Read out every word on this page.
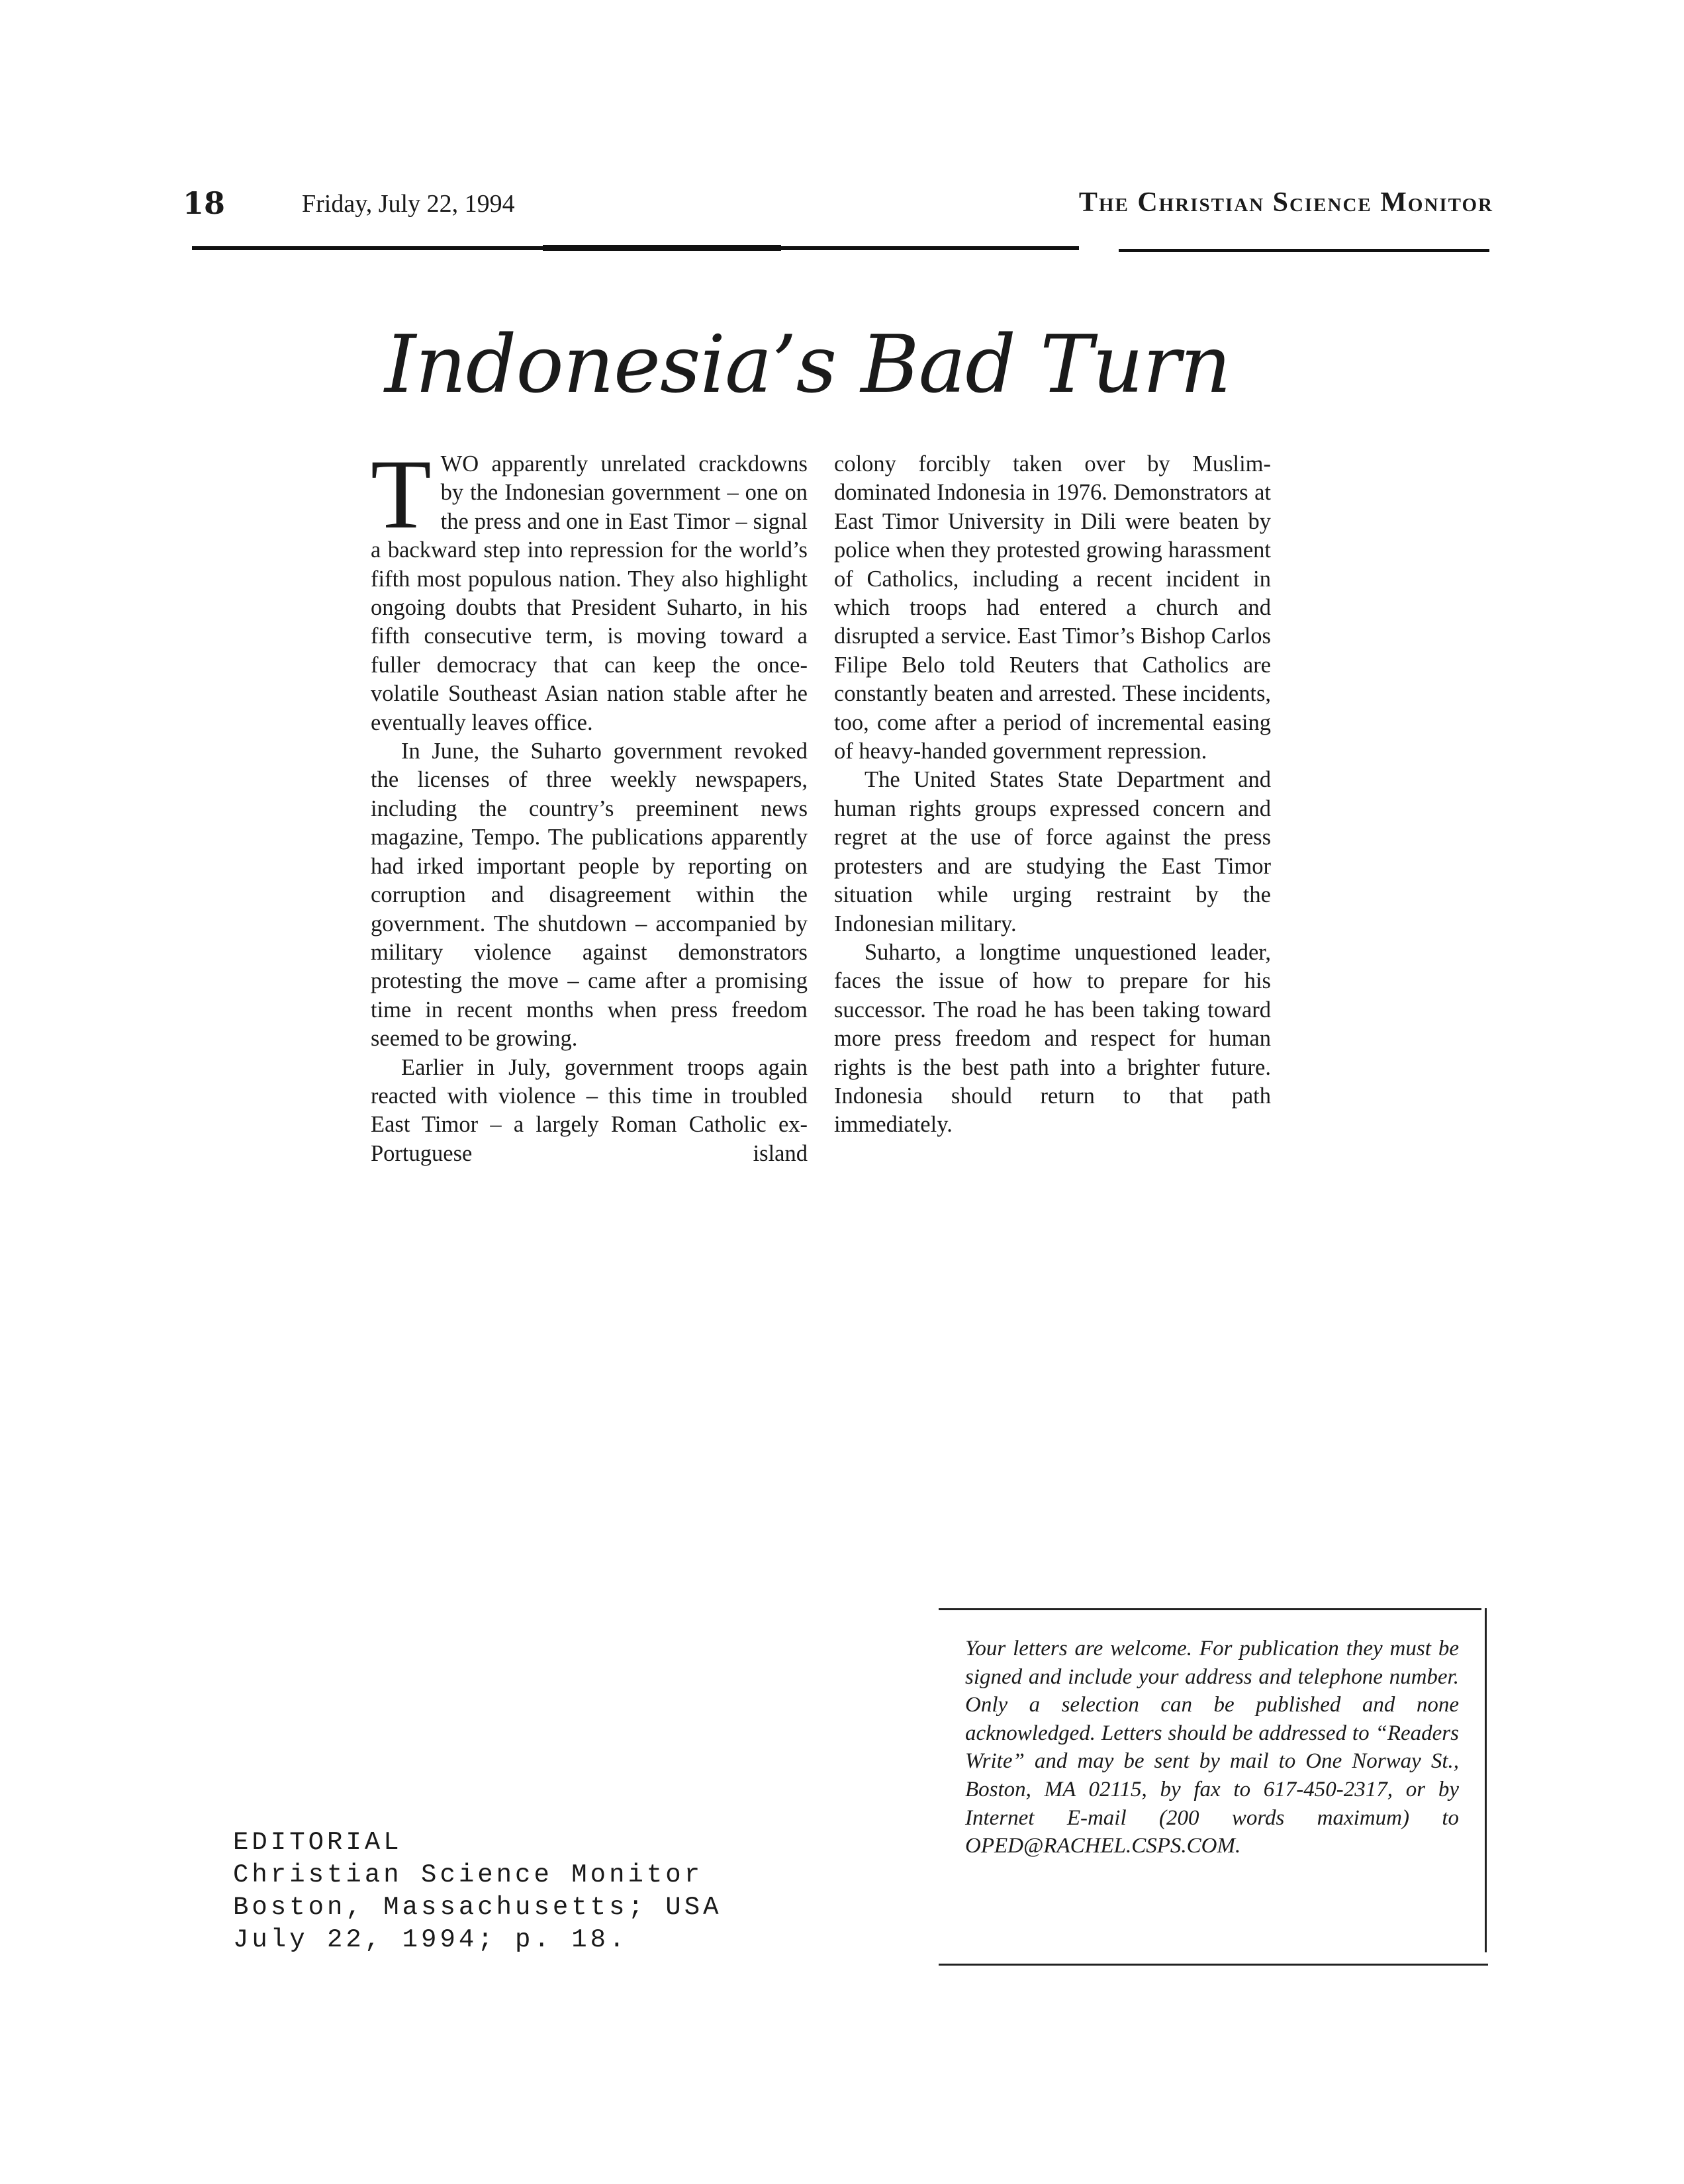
18	Friday, July 22, 1994	The Christian Science Monitor
Indonesia’s Bad Turn

TWO apparently unrelated crackdowns by the Indonesian government – one on the press and one in East Timor – signal a backward step into repression for the world’s fifth most populous nation. They also highlight ongoing doubts that President Suharto, in his fifth consecutive term, is moving toward a fuller democracy that can keep the once-volatile Southeast Asian nation stable after he eventually leaves office.

In June, the Suharto government revoked the licenses of three weekly newspapers, including the country’s preeminent news magazine, Tempo. The publications apparently had irked important people by reporting on corruption and disagreement within the government. The shutdown – accompanied by military violence against demonstrators protesting the move – came after a promising time in recent months when press freedom seemed to be growing.

Earlier in July, government troops again reacted with violence – this time in troubled East Timor – a largely Roman Catholic ex-Portuguese island

colony forcibly taken over by Muslim-dominated Indonesia in 1976. Demonstrators at East Timor University in Dili were beaten by police when they protested growing harassment of Catholics, including a recent incident in which troops had entered a church and disrupted a service. East Timor’s Bishop Carlos Filipe Belo told Reuters that Catholics are constantly beaten and arrested. These incidents, too, come after a period of incremental easing of heavy-handed government repression.

The United States State Department and human rights groups expressed concern and regret at the use of force against the press protesters and are studying the East Timor situation while urging restraint by the Indonesian military.

Suharto, a longtime unquestioned leader, faces the issue of how to prepare for his successor. The road he has been taking toward more press freedom and respect for human rights is the best path into a brighter future. Indonesia should return to that path immediately.

Your letters are welcome. For publication they must be signed and include your address and telephone number. Only a selection can be published and none acknowledged. Letters should be addressed to “Readers Write” and may be sent by mail to One Norway St., Boston, MA 02115, by fax to 617-450-2317, or by Internet E-mail (200 words maximum) to OPED@RACHEL.CSPS.COM.
EDITORIAL
Christian Science Monitor
Boston, Massachusetts; USA
July 22, 1994; p. 18.
